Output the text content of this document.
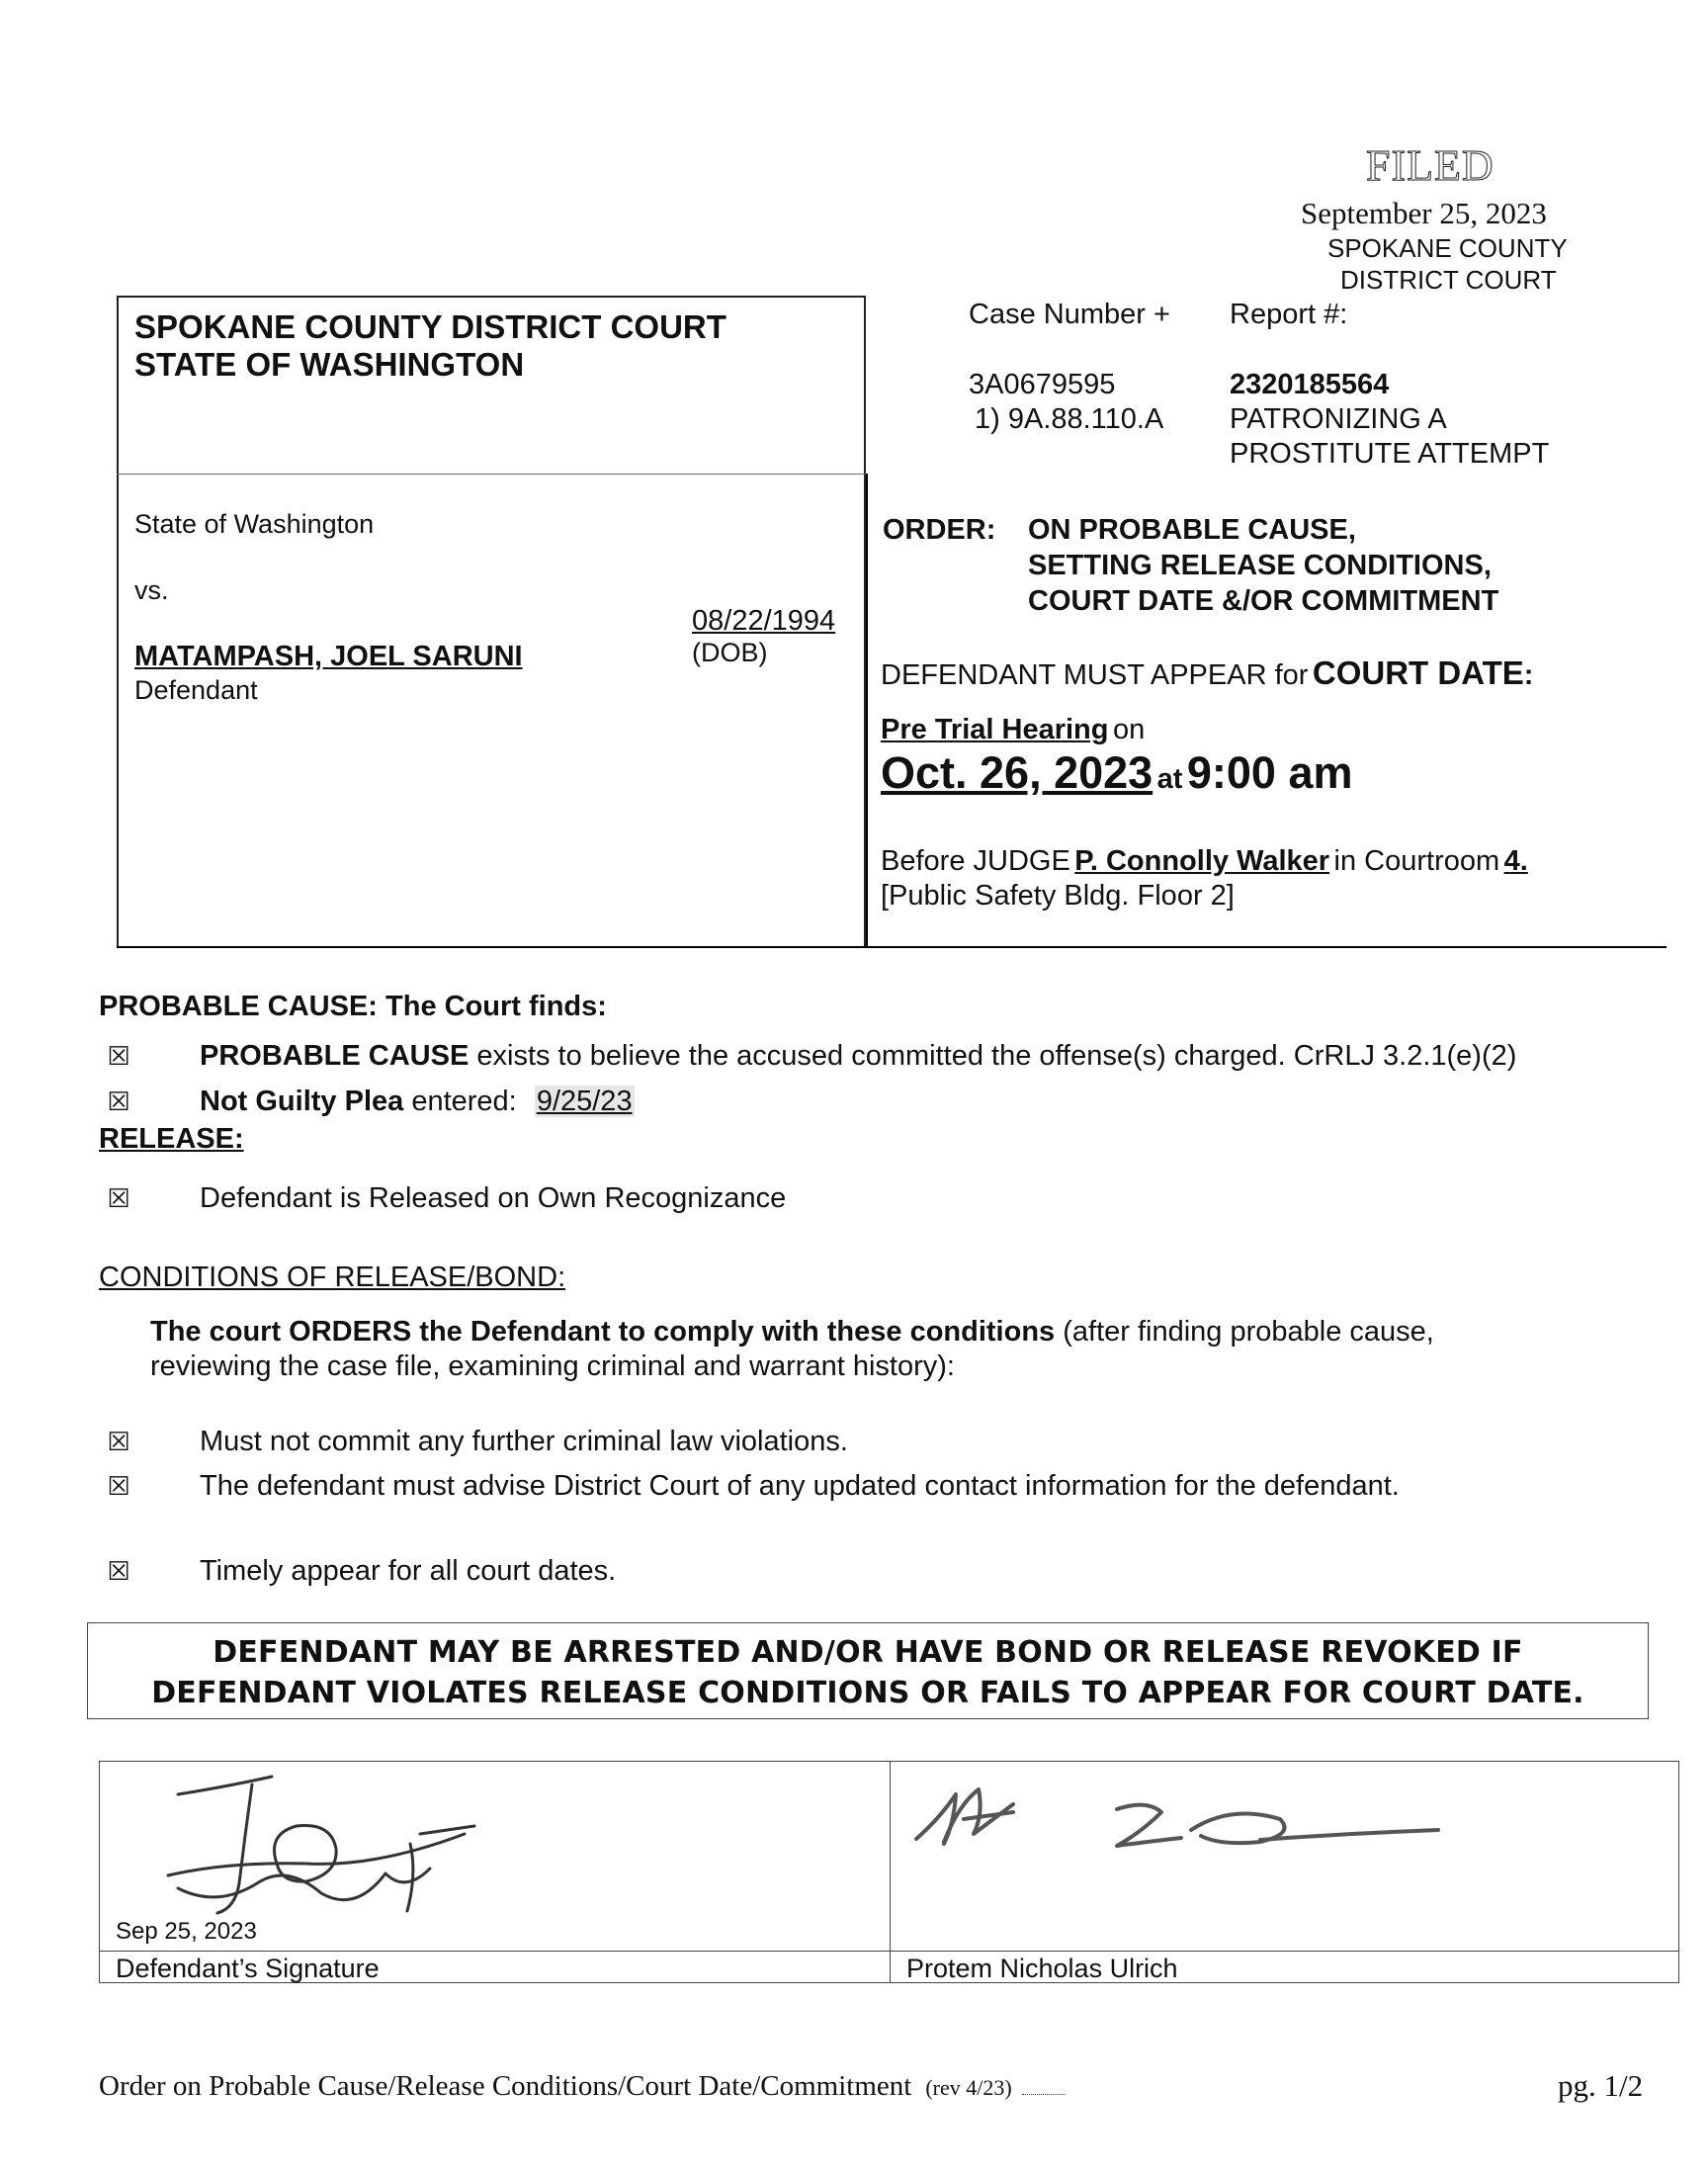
FILED
September 25, 2023
SPOKANE COUNTY
DISTRICT COURT
SPOKANE COUNTY DISTRICT COURT
STATE OF WASHINGTON
State of Washington
vs.
MATAMPASH, JOEL SARUNI
Defendant
08/22/1994
(DOB)
Case Number + Report #:
3A0679595
1) 9A.88.110.A
2320185564
PATRONIZING A
PROSTITUTE ATTEMPT
ORDER: ON PROBABLE CAUSE,
SETTING RELEASE CONDITIONS,
COURT DATE &/OR COMMITMENT
DEFENDANT MUST APPEAR for COURT DATE:
Pre Trial Hearing on
Oct. 26, 2023 at 9:00 am
Before JUDGE P. Connolly Walker in Courtroom 4.
[Public Safety Bldg. Floor 2]
PROBABLE CAUSE: The Court finds:
☒ PROBABLE CAUSE exists to believe the accused committed the offense(s) charged. CrRLJ 3.2.1(e)(2)
☒ Not Guilty Plea entered: 9/25/23
RELEASE:
☒ Defendant is Released on Own Recognizance
CONDITIONS OF RELEASE/BOND:
The court ORDERS the Defendant to comply with these conditions (after finding probable cause,
reviewing the case file, examining criminal and warrant history):
☒ Must not commit any further criminal law violations.
☒ The defendant must advise District Court of any updated contact information for the defendant.
☒ Timely appear for all court dates.
DEFENDANT MAY BE ARRESTED AND/OR HAVE BOND OR RELEASE REVOKED IF
DEFENDANT VIOLATES RELEASE CONDITIONS OR FAILS TO APPEAR FOR COURT DATE.
Sep 25, 2023
Defendant’s Signature	Protem Nicholas Ulrich
Order on Probable Cause/Release Conditions/Court Date/Commitment (rev 4/23)	pg. 1/2
